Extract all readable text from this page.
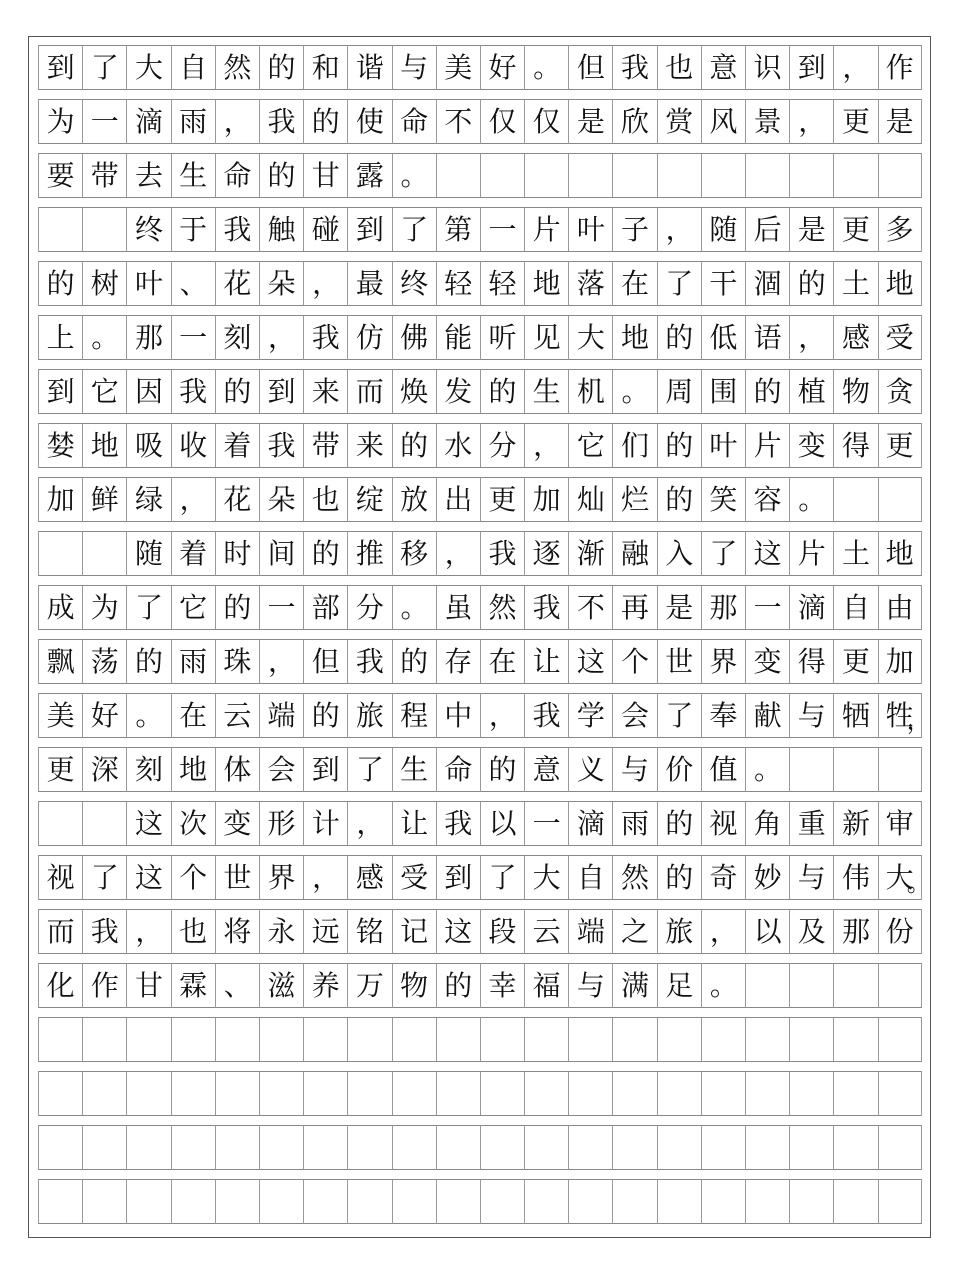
到 了 大 自 然 的 和 谐 与 美 好 。 但 我 也 意 识 到 ， 作
为 一 滴 雨 ， 我 的 使 命 不 仅 仅 是 欣 赏 风 景 ， 更 是
要 带 去 生 命 的 甘 露 。
终 于 我 触 碰 到 了 第 一 片 叶 子 ， 随 后 是 更 多
的 树 叶 、 花 朵 ， 最 终 轻 轻 地 落 在 了 干 涸 的 土 地
上 。 那 一 刻 ， 我 仿 佛 能 听 见 大 地 的 低 语 ， 感 受
到 它 因 我 的 到 来 而 焕 发 的 生 机 。 周 围 的 植 物 贪
婪 地 吸 收 着 我 带 来 的 水 分 ， 它 们 的 叶 片 变 得 更
加 鲜 绿 ， 花 朵 也 绽 放 出 更 加 灿 烂 的 笑 容 。
随 着 时 间 的 推 移 ， 我 逐 渐 融 入 了 这 片 土 地
成 为 了 它 的 一 部 分 。 虽 然 我 不 再 是 那 一 滴 自 由
飘 荡 的 雨 珠 ， 但 我 的 存 在 让 这 个 世 界 变 得 更 加
美 好 。 在 云 端 的 旅 程 中 ， 我 学 会 了 奉 献 与 牺 牲
，
更 深 刻 地 体 会 到 了 生 命 的 意 义 与 价 值 。
这 次 变 形 计 ， 让 我 以 一 滴 雨 的 视 角 重 新 审
视 了 这 个 世 界 ， 感 受 到 了 大 自 然 的 奇 妙 与 伟 大
。
而 我 ， 也 将 永 远 铭 记 这 段 云 端 之 旅 ， 以 及 那 份
化 作 甘 霖 、 滋 养 万 物 的 幸 福 与 满 足 。
